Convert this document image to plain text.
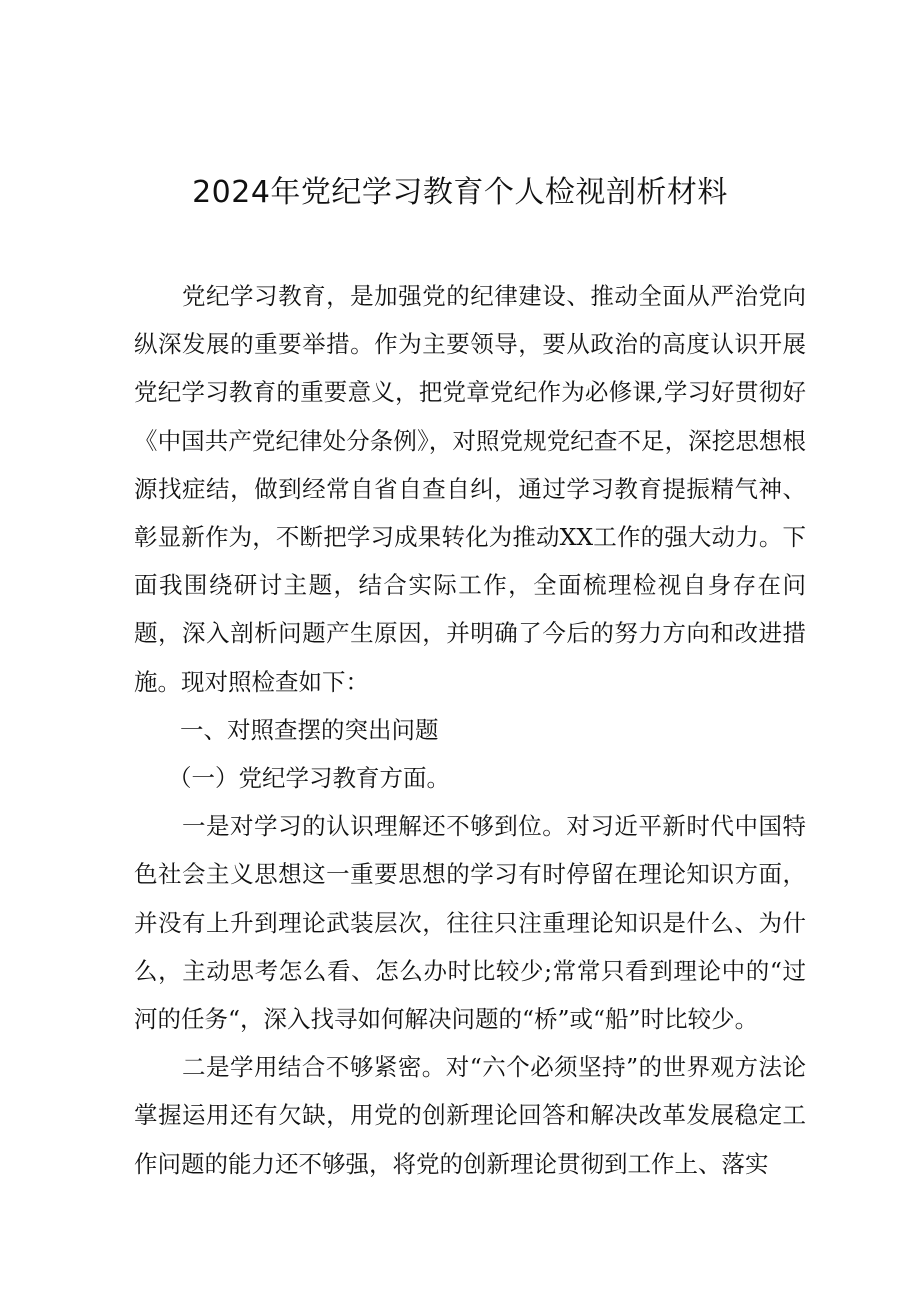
2024年党纪学习教育个人检视剖析材料

党纪学习教育，是加强党的纪律建设、推动全面从严治党向纵深发展的重要举措。作为主要领导，要从政治的高度认识开展党纪学习教育的重要意义，把党章党纪作为必修课,学习好贯彻好《中国共产党纪律处分条例》，对照党规党纪查不足，深挖思想根源找症结，做到经常自省自查自纠，通过学习教育提振精气神、彰显新作为，不断把学习成果转化为推动XX工作的强大动力。下面我围绕研讨主题，结合实际工作，全面梳理检视自身存在问题，深入剖析问题产生原因，并明确了今后的努力方向和改进措施。现对照检查如下：

一、对照查摆的突出问题

（一）党纪学习教育方面。

一是对学习的认识理解还不够到位。对习近平新时代中国特色社会主义思想这一重要思想的学习有时停留在理论知识方面，并没有上升到理论武装层次，往往只注重理论知识是什么、为什么，主动思考怎么看、怎么办时比较少;常常只看到理论中的“过河的任务“，深入找寻如何解决问题的“桥”或“船”时比较少。

二是学用结合不够紧密。对“六个必须坚持”的世界观方法论掌握运用还有欠缺，用党的创新理论回答和解决改革发展稳定工作问题的能力还不够强，将党的创新理论贯彻到工作上、落实
